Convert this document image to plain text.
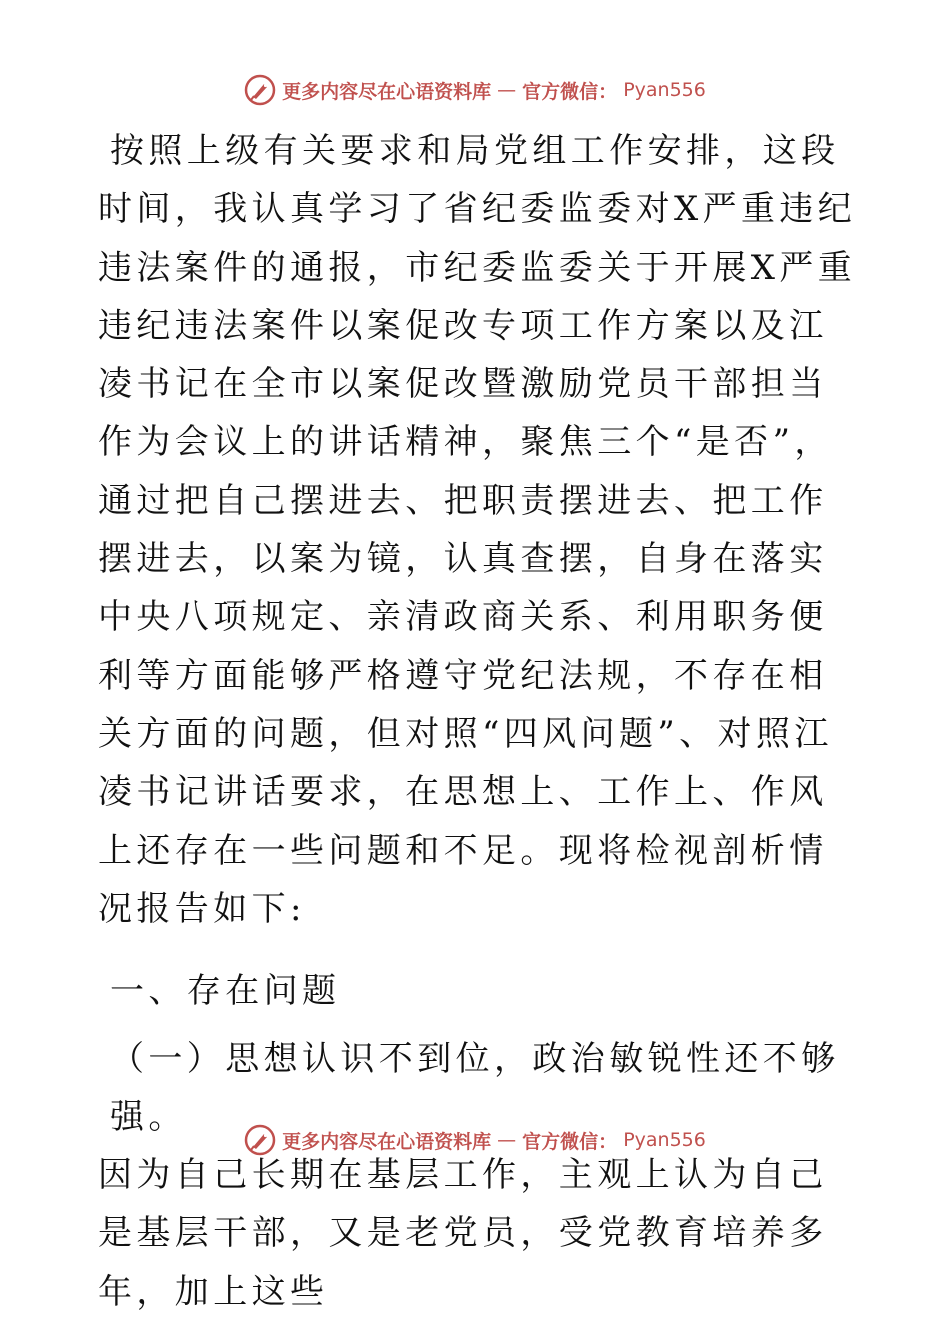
更多内容尽在心语资料库 — 官方微信： Pyan556

按照上级有关要求和局党组工作安排，这段时间，我认真学习了省纪委监委对X严重违纪违法案件的通报，市纪委监委关于开展X严重违纪违法案件以案促改专项工作方案以及江凌书记在全市以案促改暨激励党员干部担当作为会议上的讲话精神，聚焦三个“是否”，通过把自己摆进去、把职责摆进去、把工作摆进去，以案为镜，认真查摆，自身在落实中央八项规定、亲清政商关系、利用职务便利等方面能够严格遵守党纪法规，不存在相关方面的问题，但对照“四风问题”、对照江凌书记讲话要求，在思想上、工作上、作风上还存在一些问题和不足。现将检视剖析情况报告如下:

一、存在问题

（一）思想认识不到位，政治敏锐性还不够强。

因为自己长期在基层工作，主观上认为自己是基层干部，又是老党员，受党教育培养多年，加上这些

更多内容尽在心语资料库 — 官方微信： Pyan556
